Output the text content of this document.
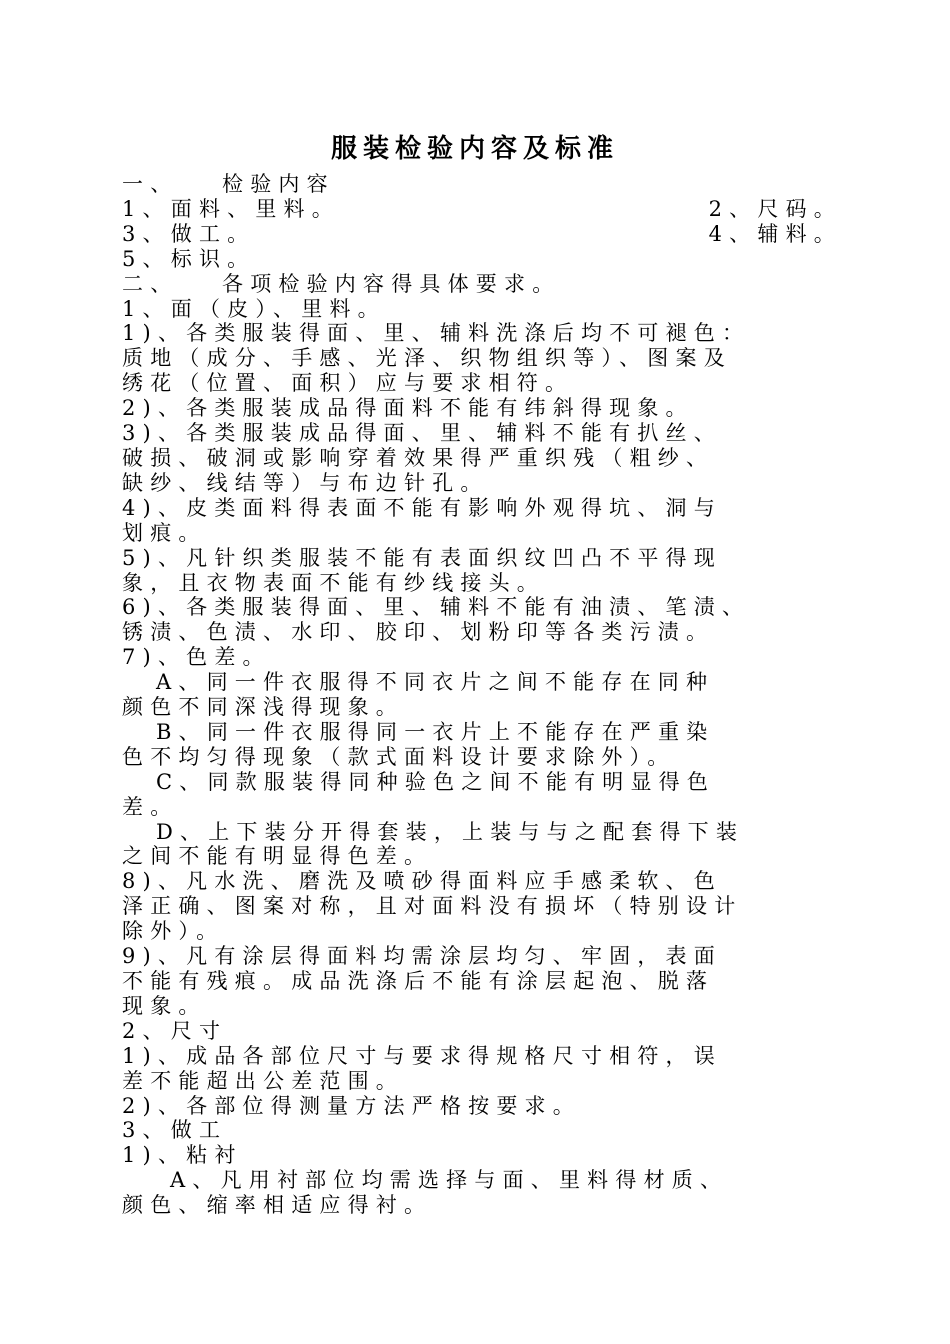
服装检验内容及标准
一、 检验内容
1、面料、里料。	2、尺码。
3、做工。	4、辅料。
5、标识。
二、 各项检验内容得具体要求。
1、面（皮）、里料。
1)、各类服装得面、里、辅料洗涤后均不可褪色：
质地（成分、手感、光泽、织物组织等）、图案及
绣花（位置、面积）应与要求相符。
2)、各类服装成品得面料不能有纬斜得现象。
3)、各类服装成品得面、里、辅料不能有扒丝、
破损、破洞或影响穿着效果得严重织残（粗纱、
缺纱、线结等）与布边针孔。
4)、皮类面料得表面不能有影响外观得坑、洞与
划痕。
5)、凡针织类服装不能有表面织纹凹凸不平得现
象，且衣物表面不能有纱线接头。
6)、各类服装得面、里、辅料不能有油渍、笔渍、
锈渍、色渍、水印、胶印、划粉印等各类污渍。
7)、色差。
A、同一件衣服得不同衣片之间不能存在同种
颜色不同深浅得现象。
B、同一件衣服得同一衣片上不能存在严重染
色不均匀得现象（款式面料设计要求除外）。
C、同款服装得同种验色之间不能有明显得色
差。
D、上下装分开得套装，上装与与之配套得下装
之间不能有明显得色差。
8)、凡水洗、磨洗及喷砂得面料应手感柔软、色
泽正确、图案对称，且对面料没有损坏（特别设计
除外）。
9)、凡有涂层得面料均需涂层均匀、牢固，表面
不能有残痕。成品洗涤后不能有涂层起泡、脱落
现象。
2、尺寸
1)、成品各部位尺寸与要求得规格尺寸相符，误
差不能超出公差范围。
2)、各部位得测量方法严格按要求。
3、做工
1)、粘衬
A、凡用衬部位均需选择与面、里料得材质、
颜色、缩率相适应得衬。
